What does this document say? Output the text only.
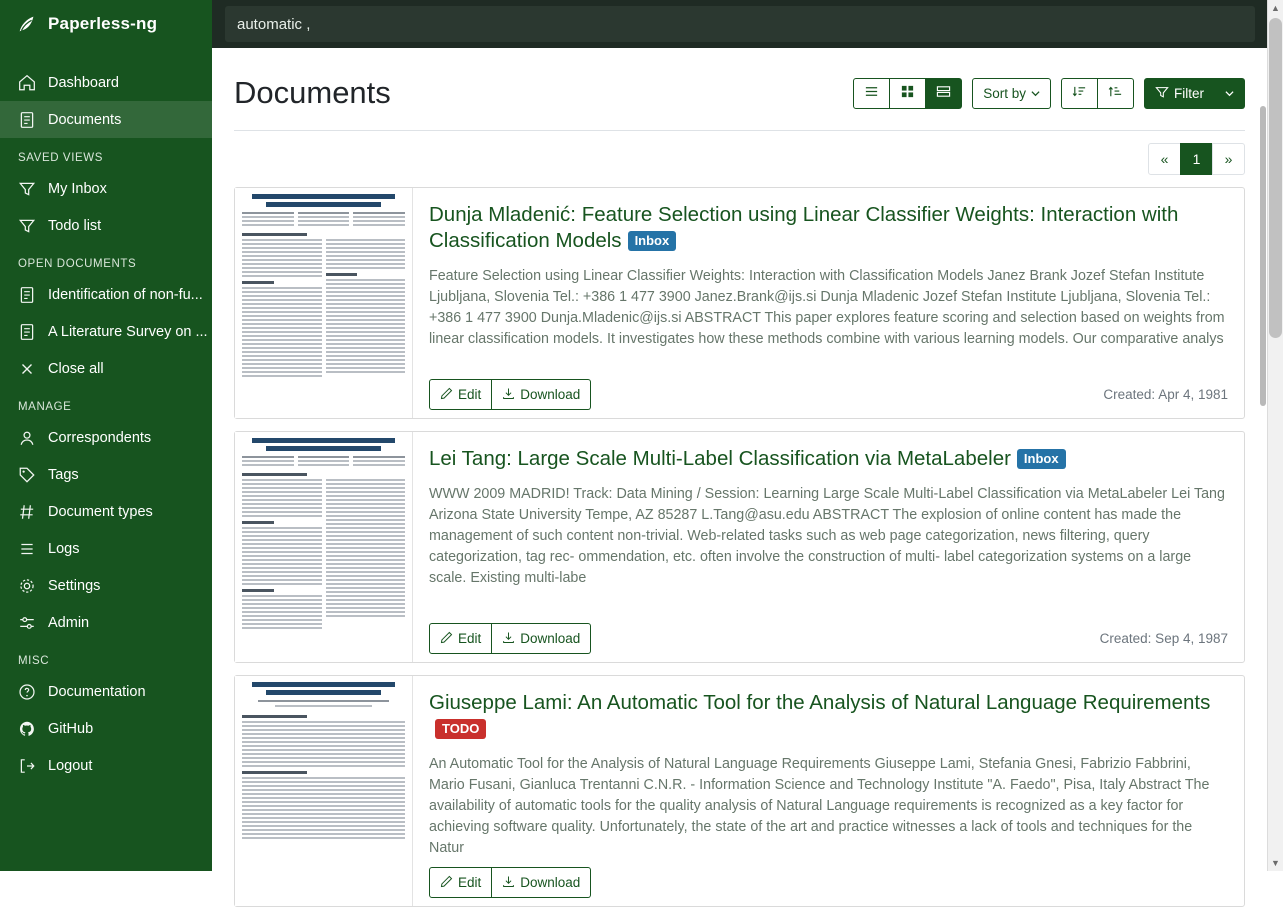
Paperless-ng
Dashboard
Documents
SAVED VIEWS
My Inbox
Todo list
OPEN DOCUMENTS
Identification of non-fu...
A Literature Survey on ...
Close all
MANAGE
Correspondents
Tags
Document types
Logs
Settings
Admin
MISC
Documentation
GitHub
Logout
automatic ,
Documents	Sort by	Filter
«	1	»
Dunja Mladenić: Feature Selection using Linear Classifier Weights: Interaction with Classification Models Inbox
Feature Selection using Linear Classifier Weights: Interaction with Classification Models Janez Brank Jozef Stefan Institute Ljubljana, Slovenia Tel.: +386 1 477 3900 Janez.Brank@ijs.si Dunja Mladenic Jozef Stefan Institute Ljubljana, Slovenia Tel.: +386 1 477 3900 Dunja.Mladenic@ijs.si ABSTRACT This paper explores feature scoring and selection based on weights from linear classification models. It investigates how these methods combine with various learning models. Our comparative analys
Edit	Download	Created: Apr 4, 1981
Lei Tang: Large Scale Multi-Label Classification via MetaLabeler Inbox
WWW 2009 MADRID! Track: Data Mining / Session: Learning Large Scale Multi-Label Classification via MetaLabeler Lei Tang Arizona State University Tempe, AZ 85287 L.Tang@asu.edu ABSTRACT The explosion of online content has made the management of such content non-trivial. Web-related tasks such as web page categorization, news filtering, query categorization, tag rec- ommendation, etc. often involve the construction of multi- label categorization systems on a large scale. Existing multi-labe
Edit	Download	Created: Sep 4, 1987
Giuseppe Lami: An Automatic Tool for the Analysis of Natural Language RequirementsTODO
An Automatic Tool for the Analysis of Natural Language Requirements Giuseppe Lami, Stefania Gnesi, Fabrizio Fabbrini, Mario Fusani, Gianluca Trentanni C.N.R. - Information Science and Technology Institute "A. Faedo", Pisa, Italy Abstract The availability of automatic tools for the quality analysis of Natural Language requirements is recognized as a key factor for achieving software quality. Unfortunately, the state of the art and practice witnesses a lack of tools and techniques for the Natur
Edit	Download
▲
▼
